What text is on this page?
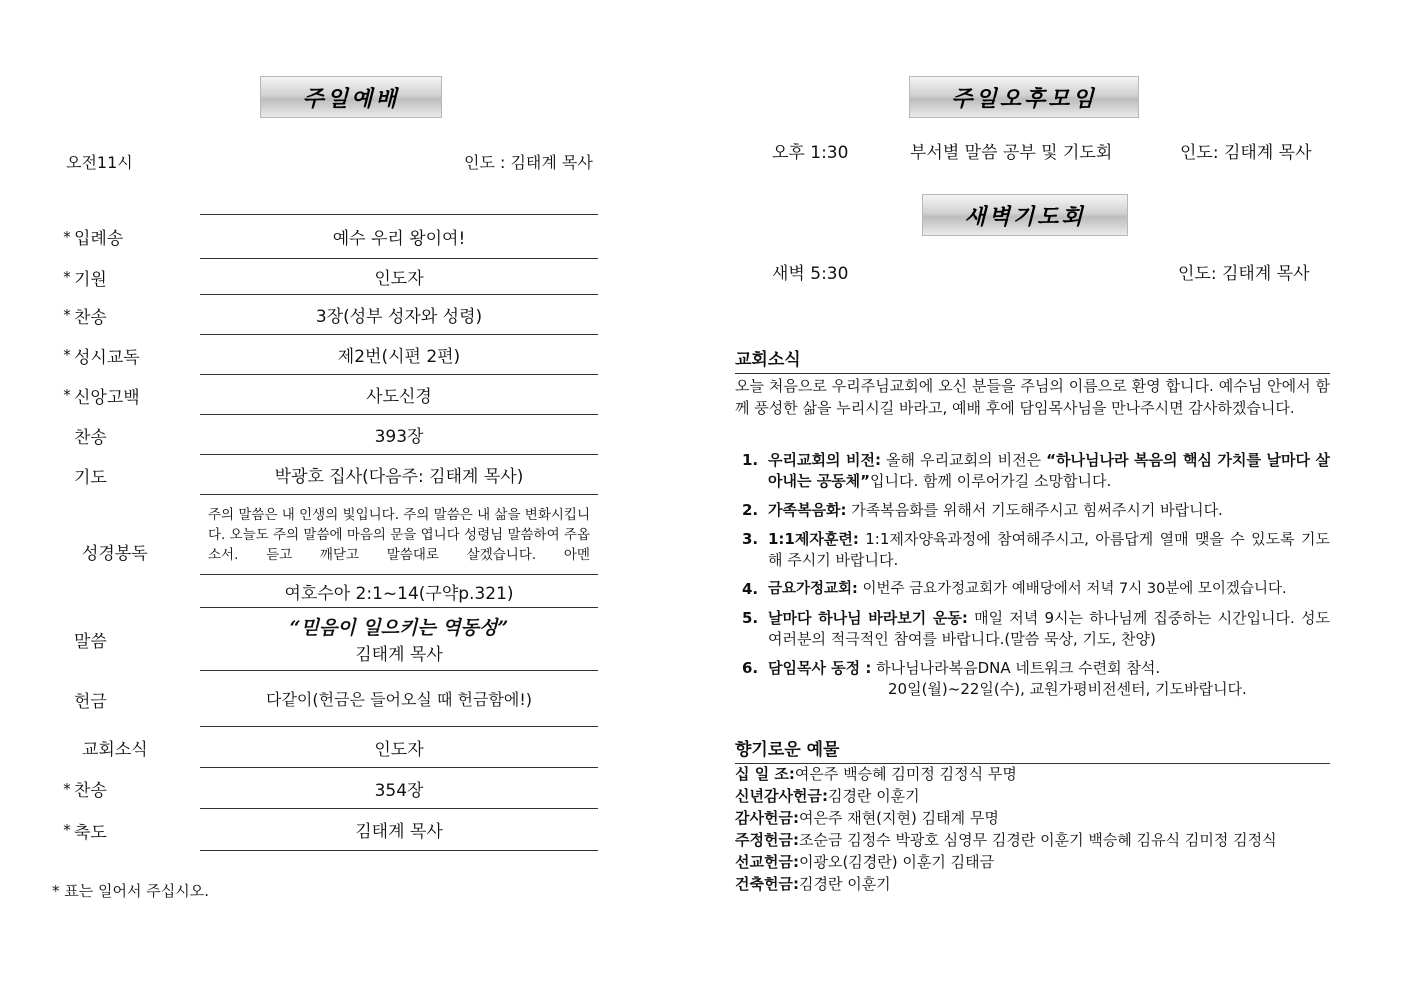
주일예배
오전11시	인도 : 김태계 목사
* 입례송	예수 우리 왕이여!
* 기원	인도자
* 찬송	3장(성부 성자와 성령)
* 성시교독	제2번(시편 2편)
* 신앙고백	사도신경
찬송	393장
기도	박광호 집사(다음주: 김태계 목사)
성경봉독
주의 말씀은 내 인생의 빛입니다. 주의 말씀은 내 삶을 변화시킵니다. 오늘도 주의 말씀에 마음의 문을 엽니다 성령님 말씀하여 주옵소서. 듣고 깨닫고 말씀대로 살겠습니다. 아멘
여호수아 2:1~14(구약p.321)
말씀
“믿음이 일으키는 역동성”
김태계 목사
헌금	다같이(헌금은 들어오실 때 헌금함에!)
교회소식	인도자
* 찬송	354장
* 축도	김태계 목사
* 표는 일어서 주십시오.
주일오후모임
오후 1:30	부서별 말씀 공부 및 기도회	인도: 김태계 목사
새벽기도회
새벽 5:30	인도: 김태계 목사
교회소식
오늘 처음으로 우리주님교회에 오신 분들을 주님의 이름으로 환영 합니다. 예수님 안에서 함께 풍성한 삶을 누리시길 바라고, 예배 후에 담임목사님을 만나주시면 감사하겠습니다.
1. 우리교회의 비전: 올해 우리교회의 비전은 “하나님나라 복음의 핵심 가치를 날마다 살아내는 공동체”입니다. 함께 이루어가길 소망합니다.
2. 가족복음화: 가족복음화를 위해서 기도해주시고 힘써주시기 바랍니다.
3. 1:1제자훈련: 1:1제자양육과정에 참여해주시고, 아름답게 열매 맺을 수 있도록 기도해 주시기 바랍니다.
4. 금요가정교회: 이번주 금요가정교회가 예배당에서 저녁 7시 30분에 모이겠습니다.
5. 날마다 하나님 바라보기 운동: 매일 저녁 9시는 하나님께 집중하는 시간입니다. 성도 여러분의 적극적인 참여를 바랍니다.(말씀 묵상, 기도, 찬양)
6. 담임목사 동정 : 하나님나라복음DNA 네트워크 수련회 참석.
20일(월)~22일(수), 교원가평비전센터, 기도바랍니다.
향기로운 예물
십 일 조: 여은주 백승혜 김미정 김정식 무명
신년감사헌금: 김경란 이훈기
감사헌금: 여은주 재현(지현) 김태계 무명
주정헌금: 조순금 김정수 박광호 심영무 김경란 이훈기 백승혜 김유식 김미정 김정식
선교헌금: 이광오(김경란) 이훈기 김태금
건축헌금: 김경란 이훈기
